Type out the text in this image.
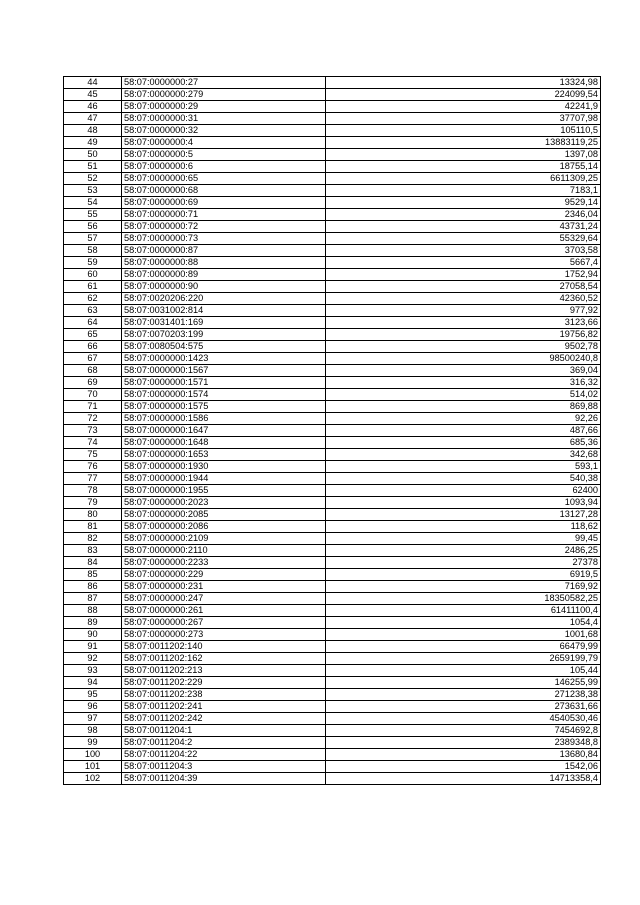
44	58:07:0000000:27	13324,98
45	58:07:0000000:279	224099,54
46	58:07:0000000:29	42241,9
47	58:07:0000000:31	37707,98
48	58:07:0000000:32	105110,5
49	58:07:0000000:4	13883119,25
50	58:07:0000000:5	1397,08
51	58:07:0000000:6	18755,14
52	58:07:0000000:65	6611309,25
53	58:07:0000000:68	7183,1
54	58:07:0000000:69	9529,14
55	58:07:0000000:71	2346,04
56	58:07:0000000:72	43731,24
57	58:07:0000000:73	55329,64
58	58:07:0000000:87	3703,58
59	58:07:0000000:88	5667,4
60	58:07:0000000:89	1752,94
61	58:07:0000000:90	27058,54
62	58:07:0020206:220	42360,52
63	58:07:0031002:814	977,92
64	58:07:0031401:169	3123,66
65	58:07:0070203:199	19756,82
66	58:07:0080504:575	9502,78
67	58:07:0000000:1423	98500240,8
68	58:07:0000000:1567	369,04
69	58:07:0000000:1571	316,32
70	58:07:0000000:1574	514,02
71	58:07:0000000:1575	869,88
72	58:07:0000000:1586	92,26
73	58:07:0000000:1647	487,66
74	58:07:0000000:1648	685,36
75	58:07:0000000:1653	342,68
76	58:07:0000000:1930	593,1
77	58:07:0000000:1944	540,38
78	58:07:0000000:1955	62400
79	58:07:0000000:2023	1093,94
80	58:07:0000000:2085	13127,28
81	58:07:0000000:2086	118,62
82	58:07:0000000:2109	99,45
83	58:07:0000000:2110	2486,25
84	58:07:0000000:2233	27378
85	58:07:0000000:229	6919,5
86	58:07:0000000:231	7169,92
87	58:07:0000000:247	18350582,25
88	58:07:0000000:261	61411100,4
89	58:07:0000000:267	1054,4
90	58:07:0000000:273	1001,68
91	58:07:0011202:140	66479,99
92	58:07:0011202:162	2659199,79
93	58:07:0011202:213	105,44
94	58:07:0011202:229	146255,99
95	58:07:0011202:238	271238,38
96	58:07:0011202:241	273631,66
97	58:07:0011202:242	4540530,46
98	58:07:0011204:1	7454692,8
99	58:07:0011204:2	2389348,8
100	58:07:0011204:22	13680,84
101	58:07:0011204:3	1542,06
102	58:07:0011204:39	14713358,4
